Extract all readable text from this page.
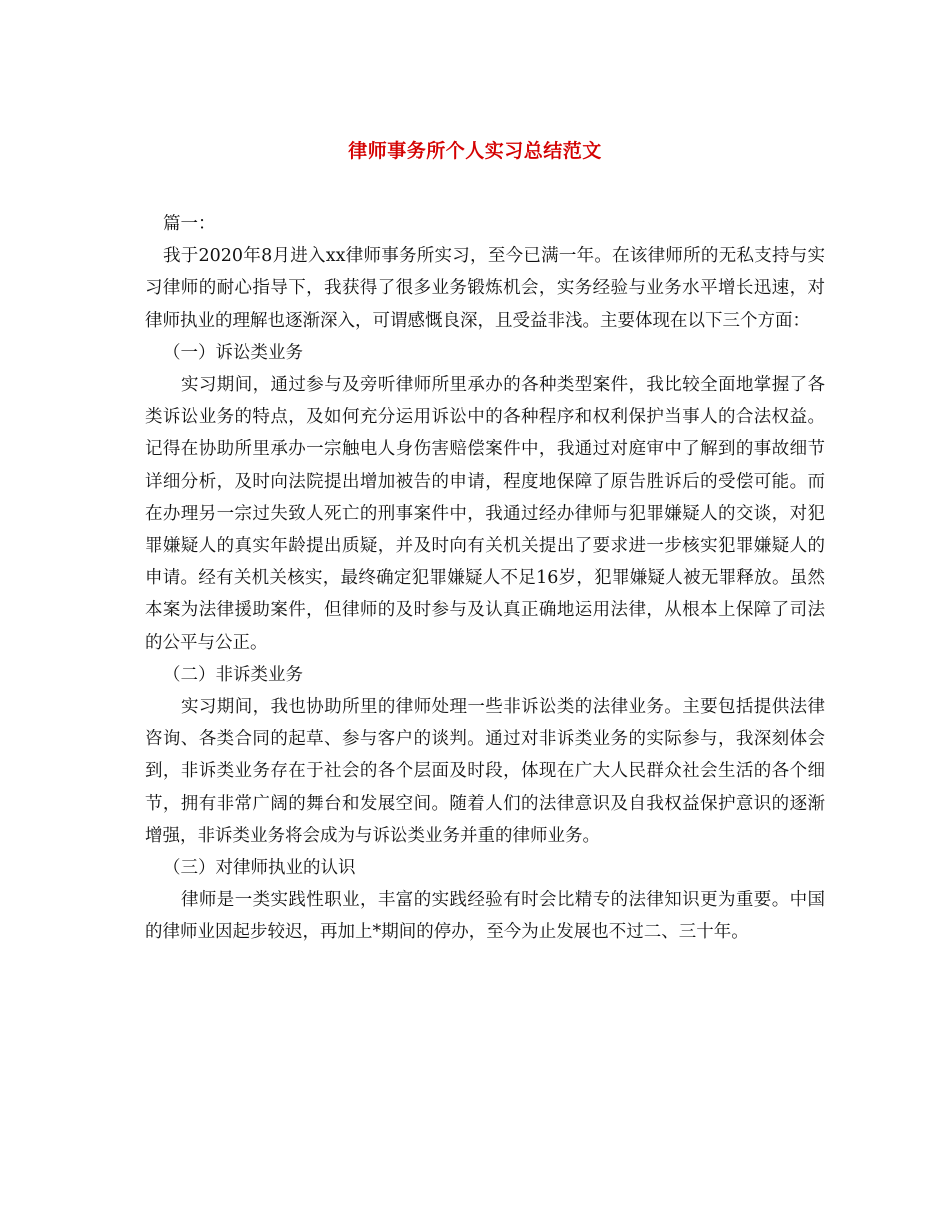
律师事务所个人实习总结范文

篇一：

我于2020年8月进入xx律师事务所实习，至今已满一年。在该律师所的无私支持与实习律师的耐心指导下，我获得了很多业务锻炼机会，实务经验与业务水平增长迅速，对律师执业的理解也逐渐深入，可谓感慨良深，且受益非浅。主要体现在以下三个方面：

（一）诉讼类业务

实习期间，通过参与及旁听律师所里承办的各种类型案件，我比较全面地掌握了各类诉讼业务的特点，及如何充分运用诉讼中的各种程序和权利保护当事人的合法权益。记得在协助所里承办一宗触电人身伤害赔偿案件中，我通过对庭审中了解到的事故细节详细分析，及时向法院提出增加被告的申请，程度地保障了原告胜诉后的受偿可能。而在办理另一宗过失致人死亡的刑事案件中，我通过经办律师与犯罪嫌疑人的交谈，对犯罪嫌疑人的真实年龄提出质疑，并及时向有关机关提出了要求进一步核实犯罪嫌疑人的申请。经有关机关核实，最终确定犯罪嫌疑人不足16岁，犯罪嫌疑人被无罪释放。虽然本案为法律援助案件，但律师的及时参与及认真正确地运用法律，从根本上保障了司法的公平与公正。

（二）非诉类业务

实习期间，我也协助所里的律师处理一些非诉讼类的法律业务。主要包括提供法律咨询、各类合同的起草、参与客户的谈判。通过对非诉类业务的实际参与，我深刻体会到，非诉类业务存在于社会的各个层面及时段，体现在广大人民群众社会生活的各个细节，拥有非常广阔的舞台和发展空间。随着人们的法律意识及自我权益保护意识的逐渐增强，非诉类业务将会成为与诉讼类业务并重的律师业务。

（三）对律师执业的认识

律师是一类实践性职业，丰富的实践经验有时会比精专的法律知识更为重要。中国的律师业因起步较迟，再加上*期间的停办，至今为止发展也不过二、三十年。
